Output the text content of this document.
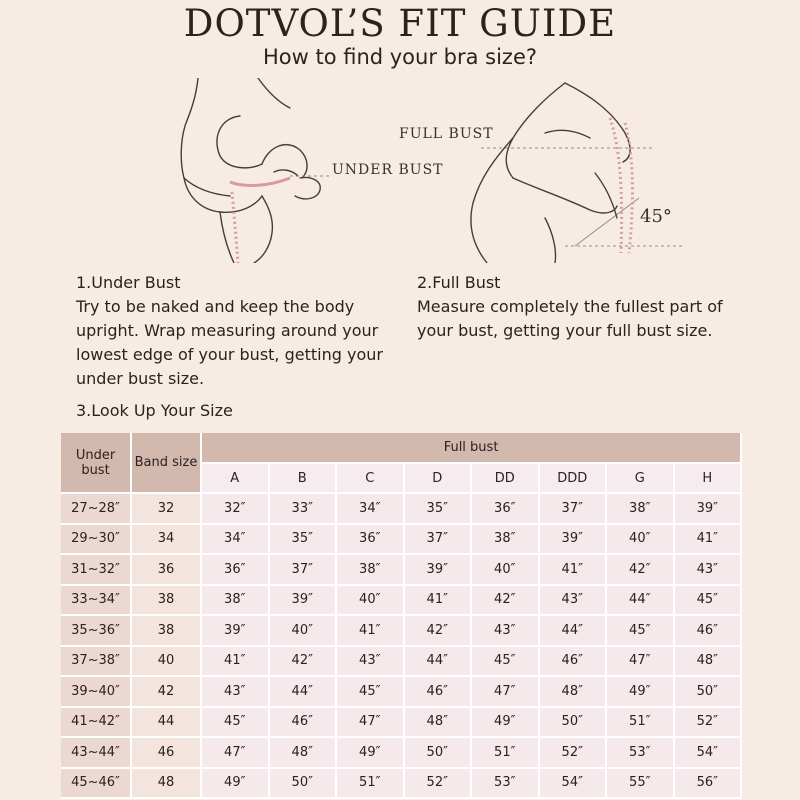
DOTVOL’S FIT GUIDE
How to find your bra size?
UNDER BUST
FULL BUST
45°
1.Under Bust

Try to be naked and keep the body upright. Wrap measuring around your lowest edge of your bust, getting your under bust size.

2.Full Bust

Measure completely the fullest part of your bust, getting your full bust size.

3.Look Up Your Size
Under bust	Band size	Full bust							
		A	B	C	D	DD	DDD	G	H
27~28″	32	32″	33″	34″	35″	36″	37″	38″	39″
29~30″	34	34″	35″	36″	37″	38″	39″	40″	41″
31~32″	36	36″	37″	38″	39″	40″	41″	42″	43″
33~34″	38	38″	39″	40″	41″	42″	43″	44″	45″
35~36″	38	39″	40″	41″	42″	43″	44″	45″	46″
37~38″	40	41″	42″	43″	44″	45″	46″	47″	48″
39~40″	42	43″	44″	45″	46″	47″	48″	49″	50″
41~42″	44	45″	46″	47″	48″	49″	50″	51″	52″
43~44″	46	47″	48″	49″	50″	51″	52″	53″	54″
45~46″	48	49″	50″	51″	52″	53″	54″	55″	56″
